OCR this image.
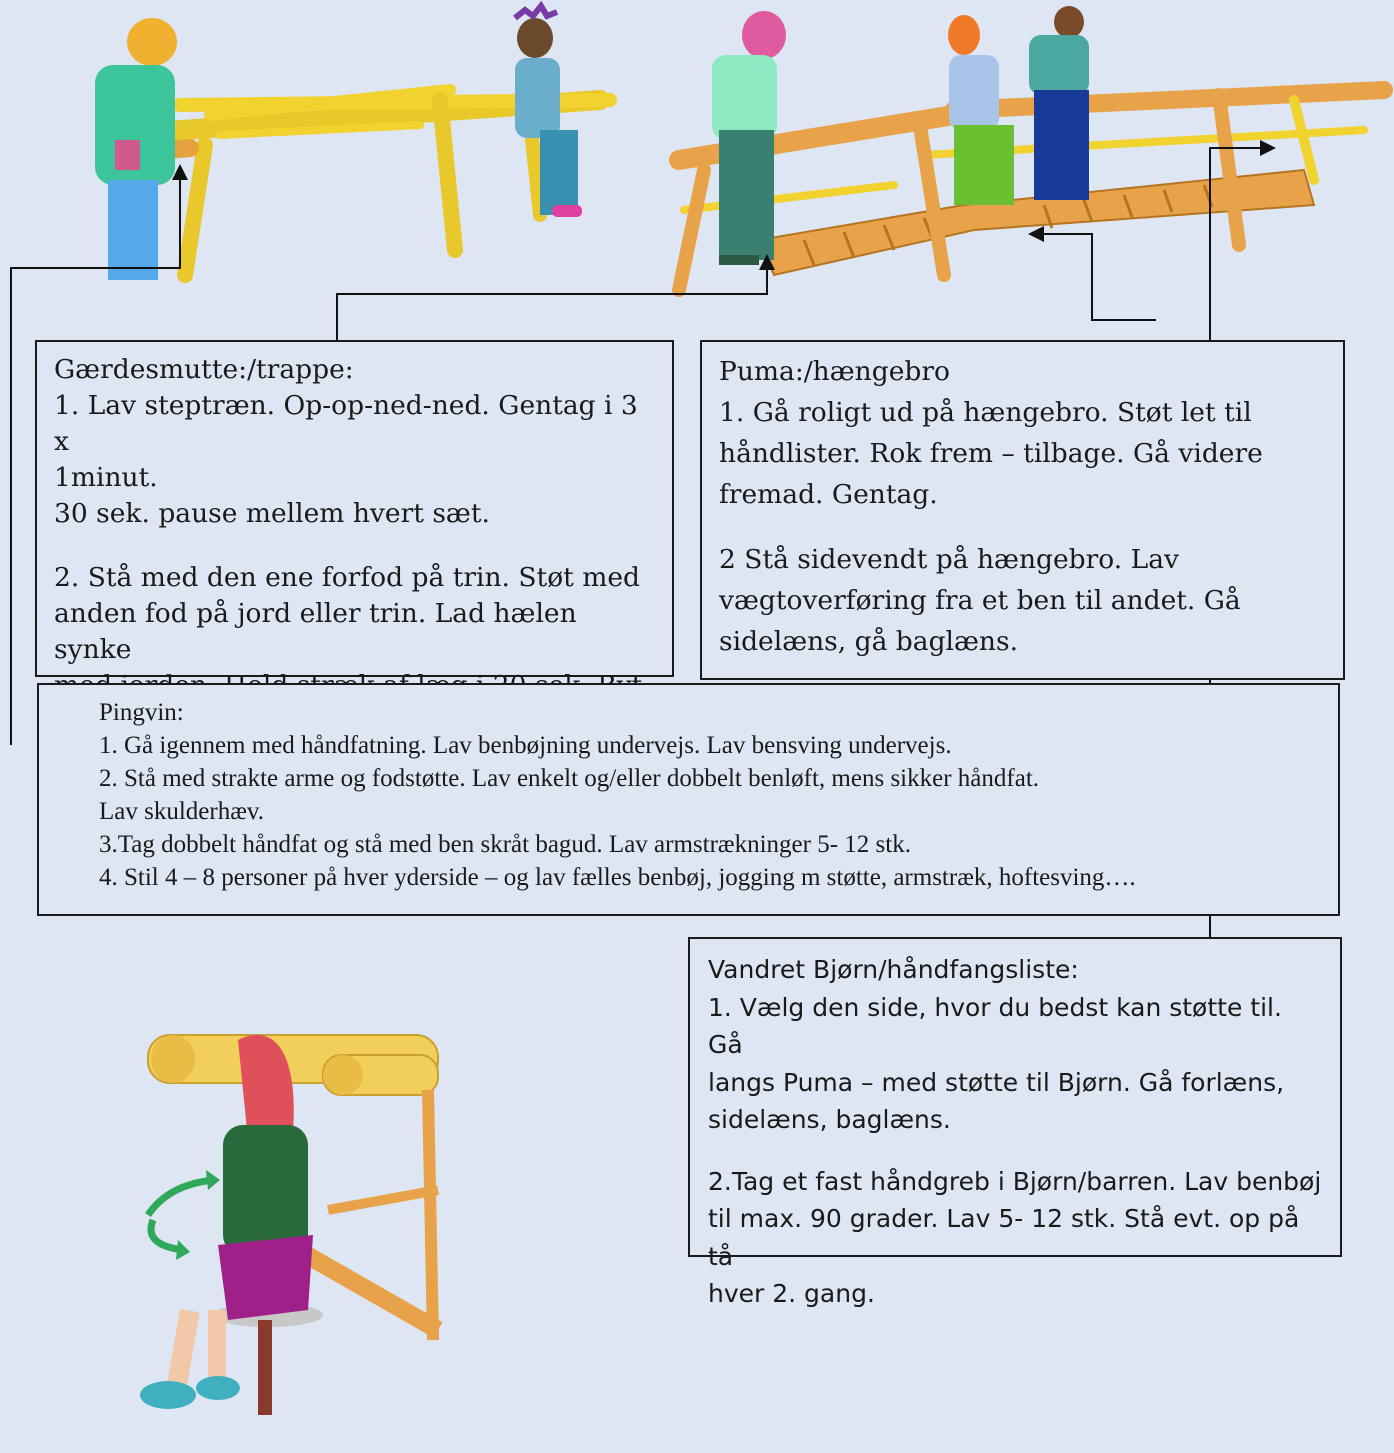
Gærdesmutte:/trappe:

1. Lav steptræn. Op-op-ned-ned. Gentag i 3 x
1minut.
30 sek. pause mellem hvert sæt.

2. Stå med den ene forfod på trin. Støt med
anden fod på jord eller trin. Lad hælen synke

Puma:/hængebro

1. Gå roligt ud på hængebro. Støt let til
håndlister. Rok frem – tilbage. Gå videre
fremad. Gentag.

2 Stå sidevendt på hængebro. Lav
vægtoverføring fra et ben til andet. Gå
sidelæns, gå baglæns.

Pingvin:

1. Gå igennem med håndfatning. Lav benbøjning undervejs. Lav bensving undervejs.

2. Stå med strakte arme og fodstøtte. Lav enkelt og/eller dobbelt benløft, mens sikker håndfat.
Lav skulderhæv.

3.Tag dobbelt håndfat og stå med ben skråt bagud. Lav armstrækninger 5- 12 stk.

4. Stil 4 – 8 personer på hver yderside – og lav fælles benbøj, jogging m støtte, armstræk, hoftesving….

Vandret Bjørn/håndfangsliste:

1. Vælg den side, hvor du bedst kan støtte til. Gå
langs Puma – med støtte til Bjørn. Gå forlæns,
sidelæns, baglæns.

2.Tag et fast håndgreb i Bjørn/barren. Lav benbøj
til max. 90 grader. Lav 5- 12 stk. Stå evt. op på tå
hver 2. gang.
